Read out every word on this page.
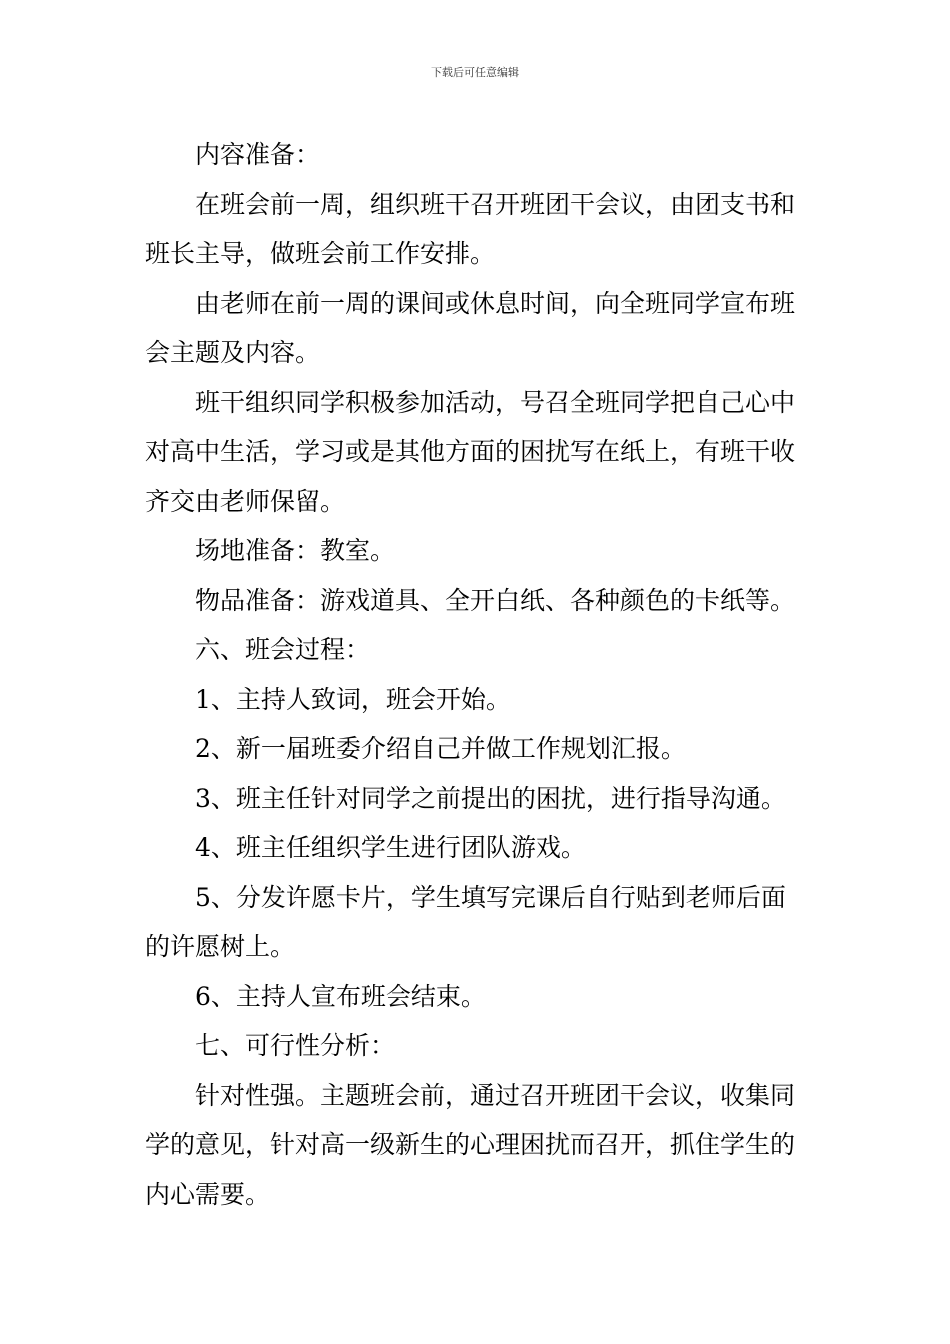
下载后可任意编辑

内容准备：

在班会前一周，组织班干召开班团干会议，由团支书和班长主导，做班会前工作安排。

由老师在前一周的课间或休息时间，向全班同学宣布班会主题及内容。

班干组织同学积极参加活动，号召全班同学把自己心中对高中生活，学习或是其他方面的困扰写在纸上，有班干收齐交由老师保留。

场地准备：教室。

物品准备：游戏道具、全开白纸、各种颜色的卡纸等。

六、班会过程：

1、主持人致词，班会开始。

2、新一届班委介绍自己并做工作规划汇报。

3、班主任针对同学之前提出的困扰，进行指导沟通。

4、班主任组织学生进行团队游戏。

5、分发许愿卡片，学生填写完课后自行贴到老师后面的许愿树上。

6、主持人宣布班会结束。

七、可行性分析：

针对性强。主题班会前，通过召开班团干会议，收集同学的意见，针对高一级新生的心理困扰而召开，抓住学生的内心需要。
